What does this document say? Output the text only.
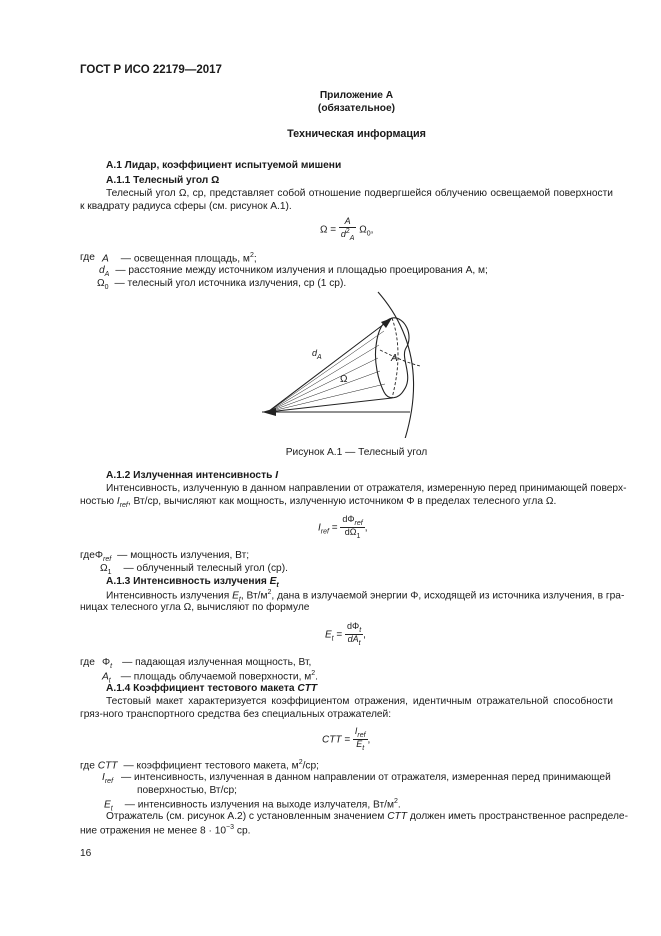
ГОСТ Р ИСО 22179—2017
Приложение А
(обязательное)
Техническая информация
А.1 Лидар, коэффициент испытуемой мишени
А.1.1 Телесный угол Ω
Телесный угол Ω, ср, представляет собой отношение подвергшейся облучению освещаемой поверхности к квадрату радиуса сферы (см. рисунок А.1).
$\Omega = \frac{A}{d^2_A} \Omega_0$,
где A — освещенная площадь, $м^2$;
$d_A$ — расстояние между источником излучения и площадью проецирования A, м;
$\Omega_0$ — телесный угол источника излучения, ср (1 ср).
$d_A$	A
Ω
Рисунок А.1 — Телесный угол
А.1.2 Излученная интенсивность I
Интенсивность, излученную в данном направлении от отражателя, измеренную перед принимающей поверх-
ностью $I_{ref}$, Вт/ср, вычисляют как мощность, излученную источником Φ в пределах телесного угла Ω.
$I_{ref} = \frac{d\Phi_{ref}}{d\Omega_1}$ ,
гдеΦ$_{ref}$ — мощность излучения, Вт;
$\Omega_1$ — облученный телесный угол (ср).
А.1.3 Интенсивность излучения $E_t$
Интенсивность излучения $E_t$, $Вт/м^2$, дана в излучаемой энергии Φ, исходящей из источника излучения, в гра-
ницах телесного угла Ω, вычисляют по формуле
$E_t = \frac{d\Phi_t}{dA_t}$ ,
где $\Phi_t$ — падающая излученная мощность, Вт,
$A_t$ — площадь облучаемой поверхности, $м^2$.
А.1.4 Коэффициент тестового макета CTT
Тестовый макет характеризуется коэффициентом отражения, идентичным отражательной способности гряз-ного транспортного средства без специальных отражателей:
CTT = $\frac{I_{ref}}{E_t}$ ,
где CTT — коэффициент тестового макета, $м^2/ср$;
$I_{ref}$ — интенсивность, излученная в данном направлении от отражателя, измеренная перед принимающей
поверхностью, Вт/ср;
$E_t$ — интенсивность излучения на выходе излучателя, $Вт/м^2$.
Отражатель (см. рисунок А.2) с установленным значением CTT должен иметь пространственное распределе-
ние отражения не менее $8 \cdot 10^{-3}$ ср.
16
